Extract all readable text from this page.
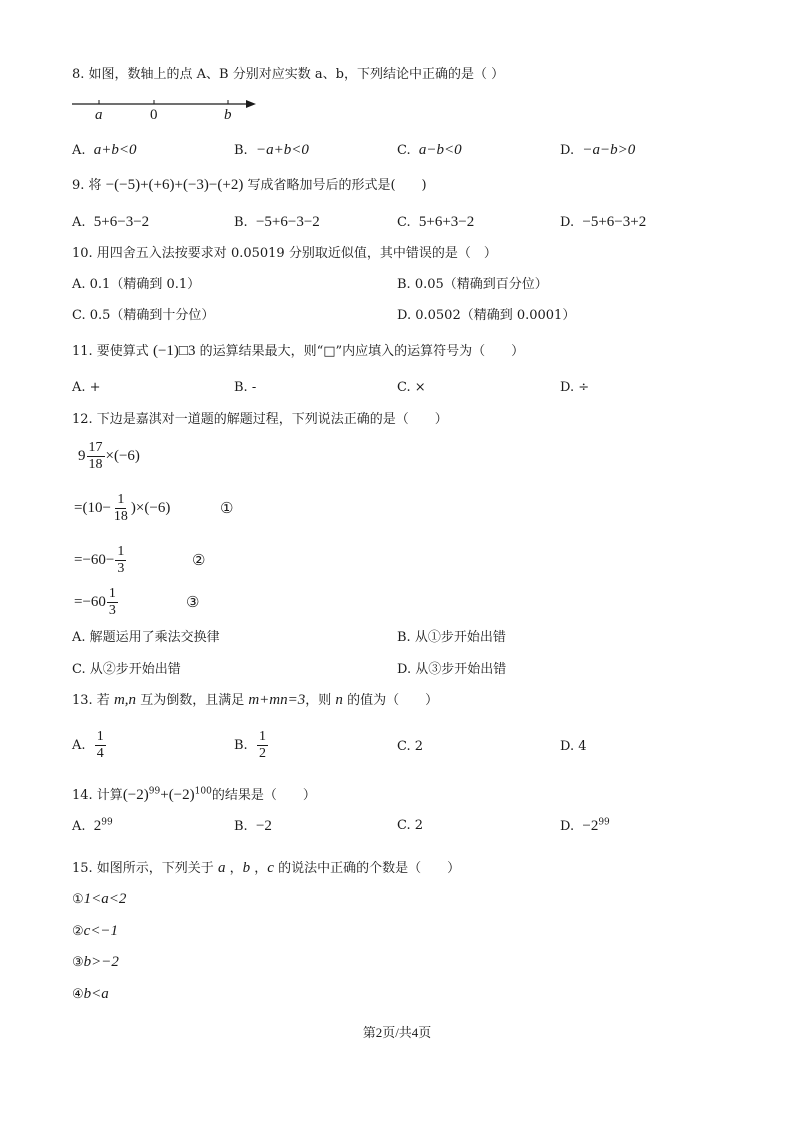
8. 如图，数轴上的点 A、B 分别对应实数 a、b，下列结论中正确的是（ ）
a	0	b
A. a+b<0	B. −a+b<0	C. a−b<0	D. −a−b>0
9. 将 −(−5)+(+6)+(−3)−(+2) 写成省略加号后的形式是(　　)
A. 5+6−3−2	B. −5+6−3−2	C. 5+6+3−2	D. −5+6−3+2
10. 用四舍五入法按要求对 0.05019 分别取近似值，其中错误的是（　）
A. 0.1（精确到 0.1）	B. 0.05（精确到百分位）
C. 0.5（精确到十分位）	D. 0.0502（精确到 0.0001）
11. 要使算式 (−1)□3 的运算结果最大，则“□”内应填入的运算符号为（　　）
A. +	B. -	C. ×	D. ÷
12. 下边是嘉淇对一道题的解题过程，下列说法正确的是（　　）
$9 \frac{17}{18} \times(-6)$
$=(10- \frac{1}{18} )\times(-6)$	①
$=-60- \frac{1}{3}$	②
$=-60 \frac{1}{3}$	③
A. 解题运用了乘法交换律	B. 从①步开始出错
C. 从②步开始出错	D. 从③步开始出错
13. 若 m,n 互为倒数，且满足 m+mn=3，则 n 的值为（　　）
A. $\frac{1}{4}$	B. $\frac{1}{2}$	C. 2	D. 4
14. 计算$(-2)^{99}+(-2)^{100}$的结果是（　　）
A. $2^{99}$	B. −2	C. 2	D. $-2^{99}$
15. 如图所示，下列关于 a ，b ，c 的说法中正确的个数是（　　）
①1<a<2
②c<−1
③b>−2
④b<a
第2页/共4页
